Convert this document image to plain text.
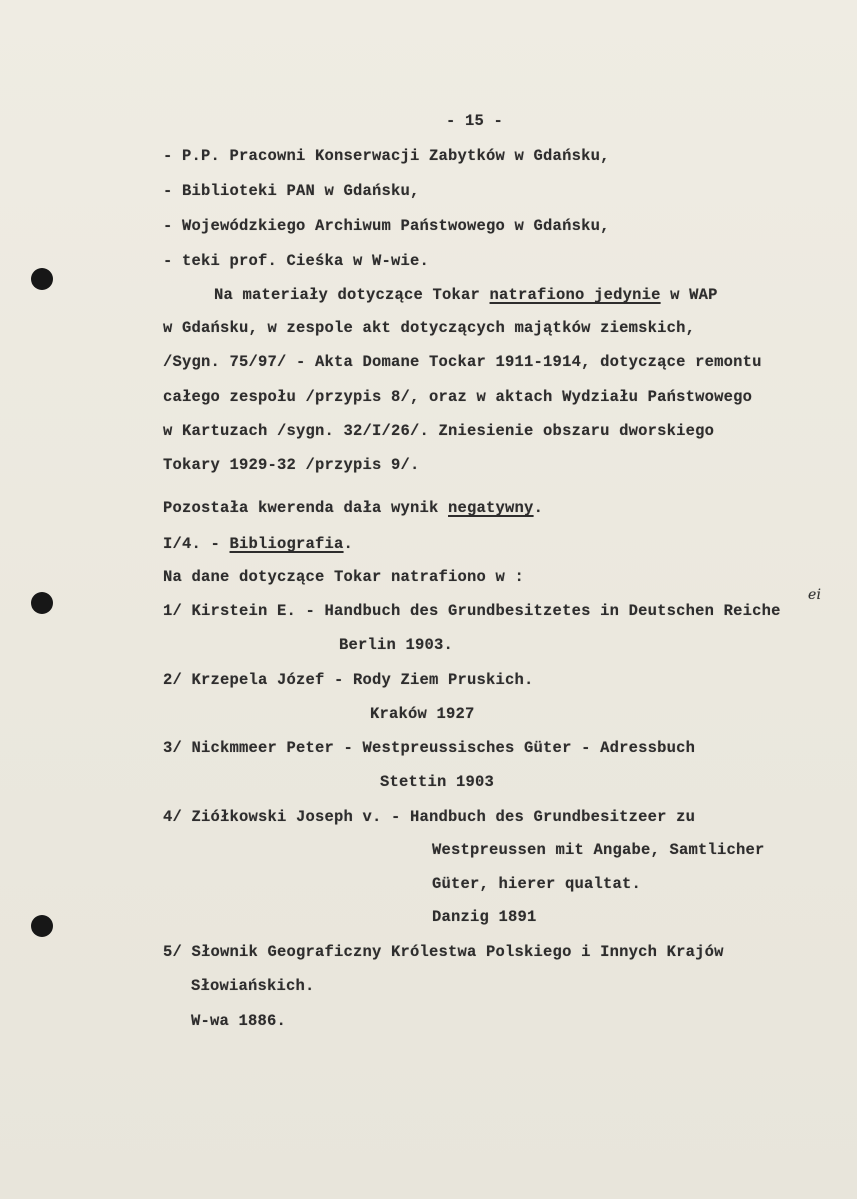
- 15 -
- P.P. Pracowni Konserwacji Zabytków w Gdańsku,
- Biblioteki PAN w Gdańsku,
- Wojewódzkiego Archiwum Państwowego w Gdańsku,
- teki prof. Cieśka w W-wie.
Na materiały dotyczące Tokar natrafiono jedynie w WAP
w Gdańsku, w zespole akt dotyczących majątków ziemskich,
/Sygn. 75/97/ - Akta Domane Tockar 1911-1914, dotyczące remontu
całego zespołu /przypis 8/, oraz w aktach Wydziału Państwowego
w Kartuzach /sygn. 32/I/26/. Zniesienie obszaru dworskiego
Tokary 1929-32 /przypis 9/.
Pozostała kwerenda dała wynik negatywny.
I/4. - Bibliografia.
Na dane dotyczące Tokar natrafiono w :
1/ Kirstein E. - Handbuch des Grundbesitzetes in Deutschen Reiche
ei
Berlin 1903.
2/ Krzepela Józef - Rody Ziem Pruskich.
Kraków 1927
3/ Nickmmeer Peter - Westpreussisches Güter - Adressbuch
Stettin 1903
4/ Ziółkowski Joseph v. - Handbuch des Grundbesitzeer zu
Westpreussen mit Angabe, Samtlicher
Güter, hierer qualtat.
Danzig 1891
5/ Słownik Geograficzny Królestwa Polskiego i Innych Krajów
Słowiańskich.
W-wa 1886.
